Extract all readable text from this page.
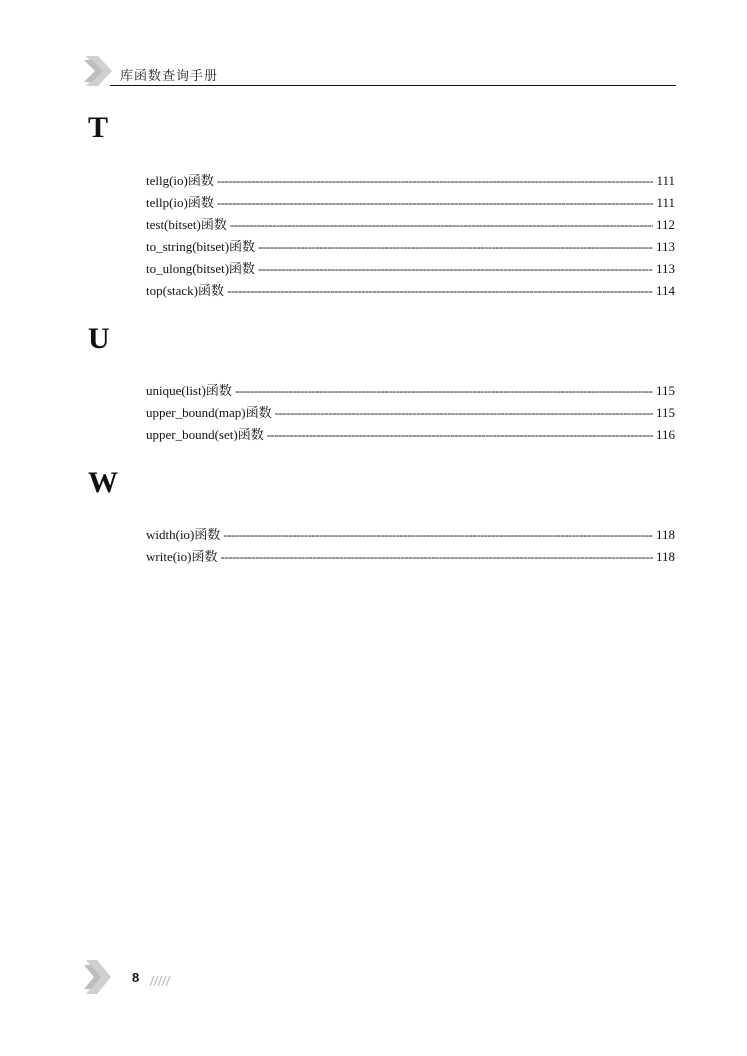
库函数查询手册
T
tellg(io)函数 -----	111
tellp(io)函数 -----	111
test(bitset)函数 -----	112
to_string(bitset)函数 -----	113
to_ulong(bitset)函数 -----	113
top(stack)函数 -----	114
U
unique(list)函数 -----	115
upper_bound(map)函数 -----	115
upper_bound(set)函数 -----	116
W
width(io)函数 -----	118
write(io)函数 -----	118
8
